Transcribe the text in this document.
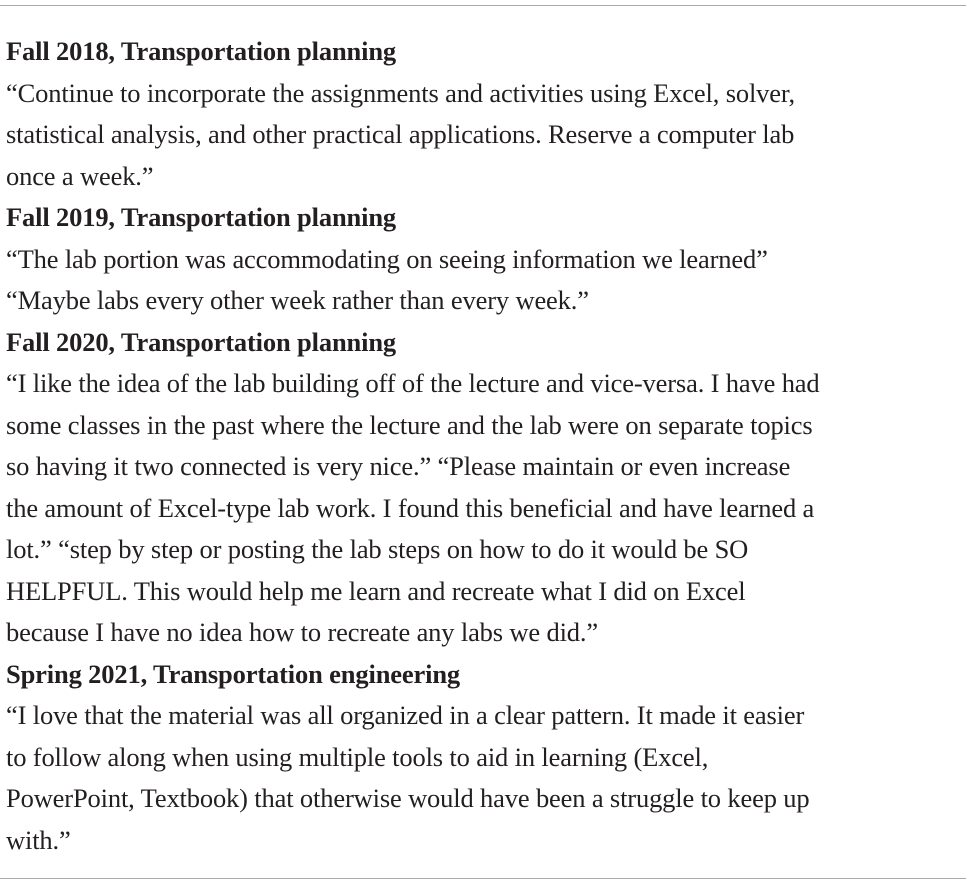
Fall 2018, Transportation planning

“Continue to incorporate the assignments and activities using Excel, solver,
statistical analysis, and other practical applications. Reserve a computer lab
once a week.”

Fall 2019, Transportation planning

“The lab portion was accommodating on seeing information we learned”
“Maybe labs every other week rather than every week.”

Fall 2020, Transportation planning

“I like the idea of the lab building off of the lecture and vice-versa. I have had
some classes in the past where the lecture and the lab were on separate topics
so having it two connected is very nice.” “Please maintain or even increase
the amount of Excel-type lab work. I found this beneficial and have learned a
lot.” “step by step or posting the lab steps on how to do it would be SO
HELPFUL. This would help me learn and recreate what I did on Excel
because I have no idea how to recreate any labs we did.”

Spring 2021, Transportation engineering

“I love that the material was all organized in a clear pattern. It made it easier
to follow along when using multiple tools to aid in learning (Excel,
PowerPoint, Textbook) that otherwise would have been a struggle to keep up
with.”
